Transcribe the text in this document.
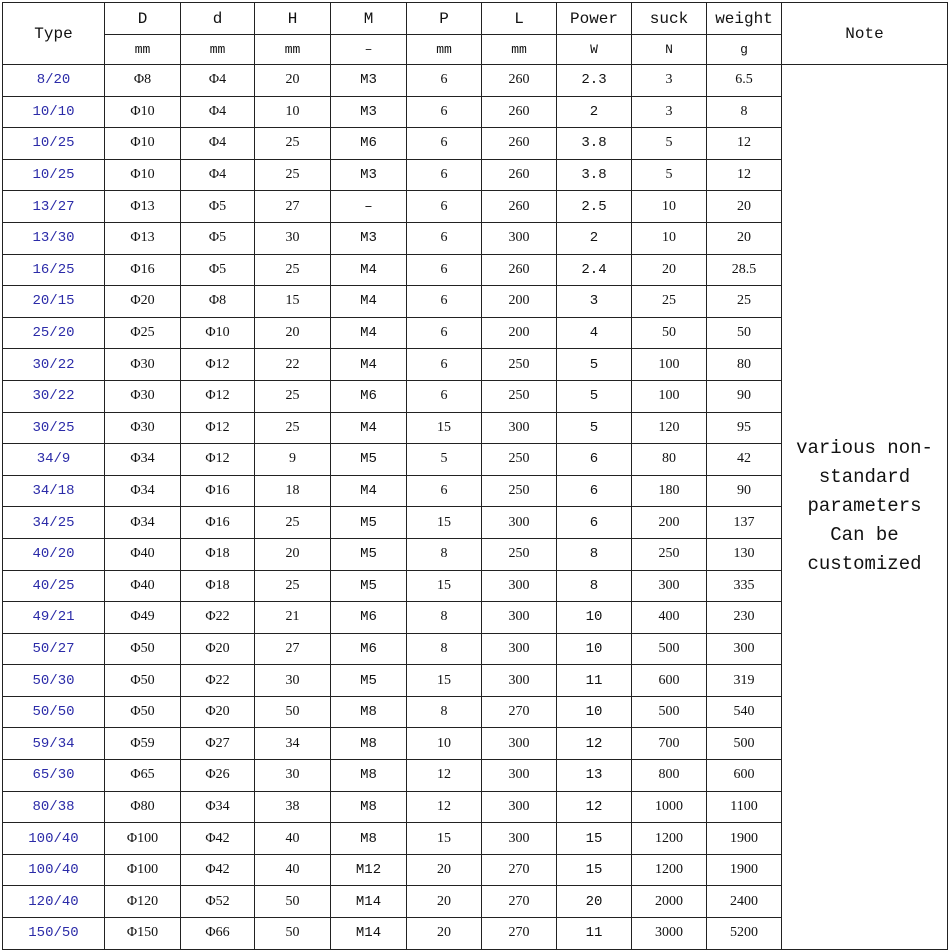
Type	D	d	H	M	P	L	Power	suck	weight	Note
	mm	mm	mm	–	mm	mm	W	N	g	
8/20	Φ8	Φ4	20	M3	6	260	2.3	3	6.5	various non-standard parameters Can be customized
10/10	Φ10	Φ4	10	M3	6	260	2	3	8	
10/25	Φ10	Φ4	25	M6	6	260	3.8	5	12	
10/25	Φ10	Φ4	25	M3	6	260	3.8	5	12	
13/27	Φ13	Φ5	27	–	6	260	2.5	10	20	
13/30	Φ13	Φ5	30	M3	6	300	2	10	20	
16/25	Φ16	Φ5	25	M4	6	260	2.4	20	28.5	
20/15	Φ20	Φ8	15	M4	6	200	3	25	25	
25/20	Φ25	Φ10	20	M4	6	200	4	50	50	
30/22	Φ30	Φ12	22	M4	6	250	5	100	80	
30/22	Φ30	Φ12	25	M6	6	250	5	100	90	
30/25	Φ30	Φ12	25	M4	15	300	5	120	95	
34/9	Φ34	Φ12	9	M5	5	250	6	80	42	
34/18	Φ34	Φ16	18	M4	6	250	6	180	90	
34/25	Φ34	Φ16	25	M5	15	300	6	200	137	
40/20	Φ40	Φ18	20	M5	8	250	8	250	130	
40/25	Φ40	Φ18	25	M5	15	300	8	300	335	
49/21	Φ49	Φ22	21	M6	8	300	10	400	230	
50/27	Φ50	Φ20	27	M6	8	300	10	500	300	
50/30	Φ50	Φ22	30	M5	15	300	11	600	319	
50/50	Φ50	Φ20	50	M8	8	270	10	500	540	
59/34	Φ59	Φ27	34	M8	10	300	12	700	500	
65/30	Φ65	Φ26	30	M8	12	300	13	800	600	
80/38	Φ80	Φ34	38	M8	12	300	12	1000	1100	
100/40	Φ100	Φ42	40	M8	15	300	15	1200	1900	
100/40	Φ100	Φ42	40	M12	20	270	15	1200	1900	
120/40	Φ120	Φ52	50	M14	20	270	20	2000	2400	
150/50	Φ150	Φ66	50	M14	20	270	11	3000	5200	
